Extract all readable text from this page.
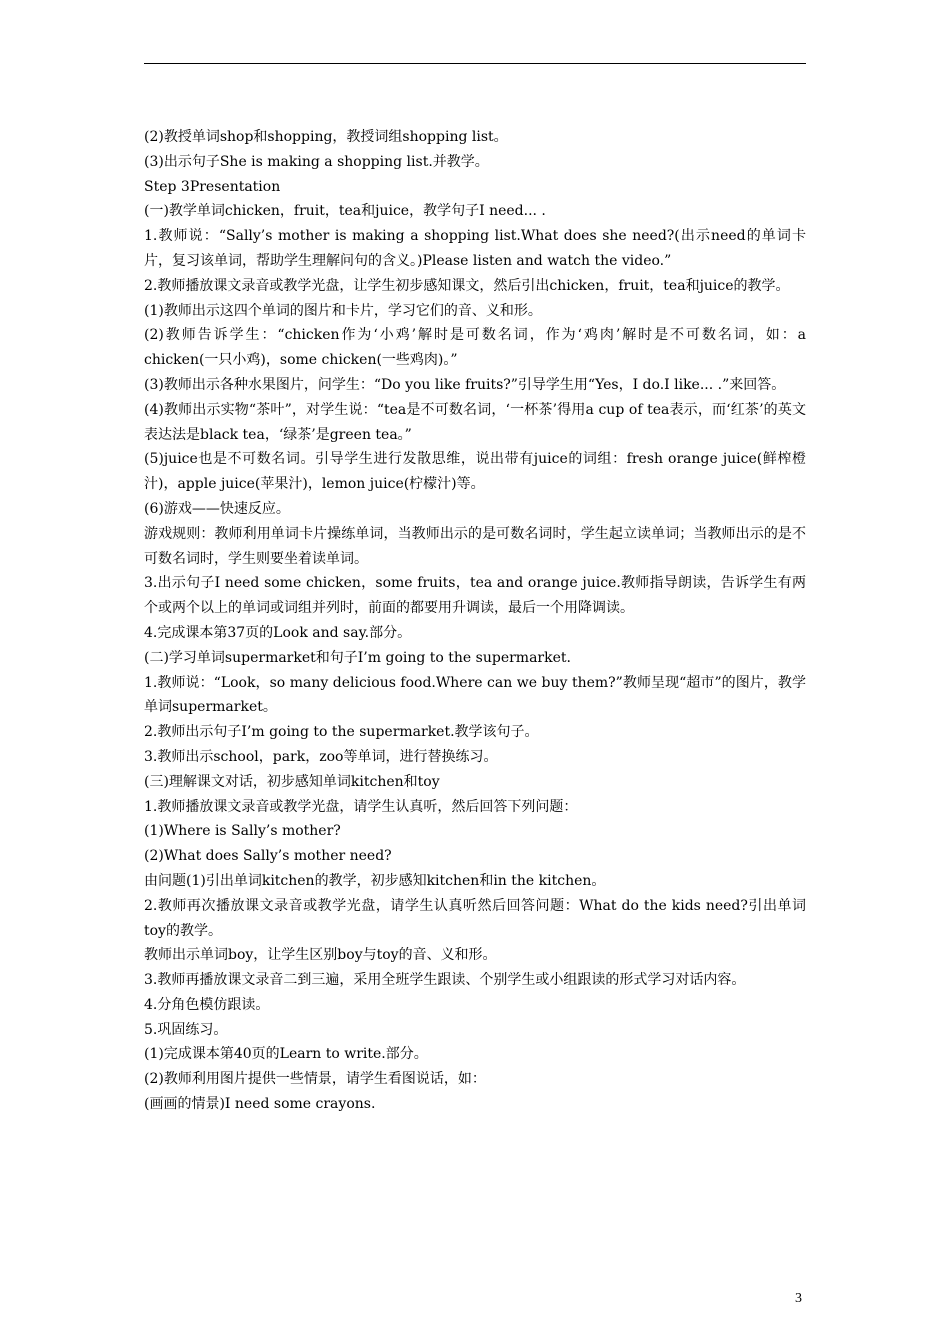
(2)教授单词shop和shopping，教授词组shopping list。

(3)出示句子She is making a shopping list.并教学。

Step 3Presentation

(一)教学单词chicken，fruit，tea和juice，教学句子I need... .

1.教师说：“Sally’s mother is making a shopping list.What does she need?(出示need的单词卡片，复习该单词，帮助学生理解问句的含义。)Please listen and watch the video.”

2.教师播放课文录音或教学光盘，让学生初步感知课文，然后引出chicken，fruit，tea和juice的教学。

(1)教师出示这四个单词的图片和卡片，学习它们的音、义和形。

(2)教师告诉学生：“chicken作为‘小鸡’解时是可数名词，作为‘鸡肉’解时是不可数名词，如：a chicken(一只小鸡)，some chicken(一些鸡肉)。”

(3)教师出示各种水果图片，问学生：“Do you like fruits?”引导学生用“Yes，I do.I like... .”来回答。

(4)教师出示实物“茶叶”，对学生说：“tea是不可数名词，‘一杯茶’得用a cup of tea表示，而‘红茶’的英文表达法是black tea，‘绿茶’是green tea。”

(5)juice也是不可数名词。引导学生进行发散思维，说出带有juice的词组：fresh orange juice(鲜榨橙汁)，apple juice(苹果汁)，lemon juice(柠檬汁)等。

(6)游戏——快速反应。

游戏规则：教师利用单词卡片操练单词，当教师出示的是可数名词时，学生起立读单词；当教师出示的是不可数名词时，学生则要坐着读单词。

3.出示句子I need some chicken，some fruits，tea and orange juice.教师指导朗读，告诉学生有两个或两个以上的单词或词组并列时，前面的都要用升调读，最后一个用降调读。

4.完成课本第37页的Look and say.部分。

(二)学习单词supermarket和句子I’m going to the supermarket.

1.教师说：“Look，so many delicious food.Where can we buy them?”教师呈现“超市”的图片，教学单词supermarket。

2.教师出示句子I’m going to the supermarket.教学该句子。

3.教师出示school，park，zoo等单词，进行替换练习。

(三)理解课文对话，初步感知单词kitchen和toy

1.教师播放课文录音或教学光盘，请学生认真听，然后回答下列问题：

(1)Where is Sally’s mother?

(2)What does Sally’s mother need?

由问题(1)引出单词kitchen的教学，初步感知kitchen和in the kitchen。

2.教师再次播放课文录音或教学光盘，请学生认真听然后回答问题：What do the kids need?引出单词toy的教学。

教师出示单词boy，让学生区别boy与toy的音、义和形。

3.教师再播放课文录音二到三遍，采用全班学生跟读、个别学生或小组跟读的形式学习对话内容。

4.分角色模仿跟读。

5.巩固练习。

(1)完成课本第40页的Learn to write.部分。

(2)教师利用图片提供一些情景，请学生看图说话，如：

(画画的情景)I need some crayons.

3
